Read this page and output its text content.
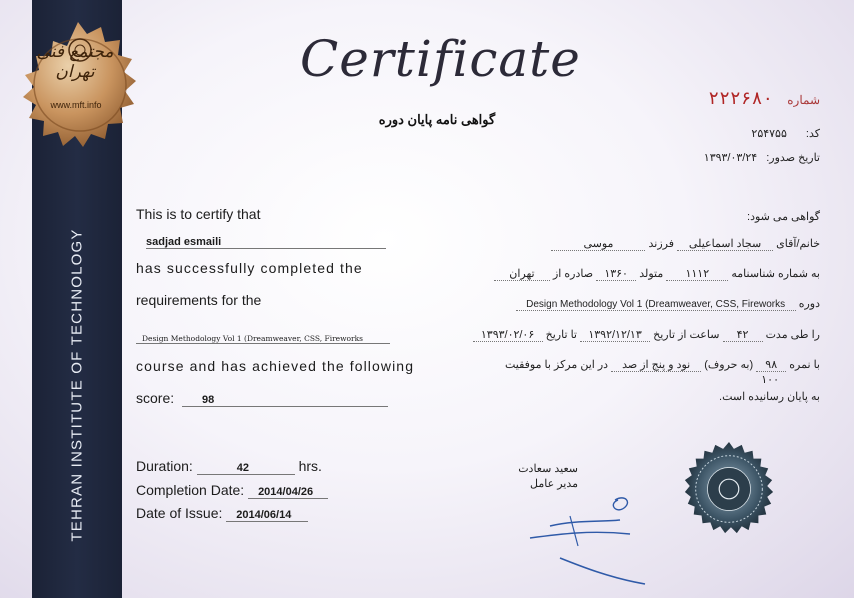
TEHRAN INSTITUTE OF TECHNOLOGY
مجتمع فنی تهران
www.mft.info
Certificate
گواهی نامه پایان دوره
شماره
۲۲۲۶۸۰
کد: ۲۵۴۷۵۵
تاریخ صدور: ۱۳۹۳/۰۳/۲۴
This is to certify that
sadjad esmaili
has successfully completed the
requirements for the
Design Methodology Vol 1 (Dreamweaver, CSS, Fireworks
course and has achieved the following
score:	98
Duration:	42	hrs.
Completion Date: 2014/04/26
Date of Issue: 2014/06/14
گواهی می شود:
خانم/آقای سجاد اسماعیلی فرزند موسی
به شماره شناسنامه ۱۱۱۲ متولد ۱۳۶۰ صادره از تهران
دوره Design Methodology Vol 1 (Dreamweaver, CSS, Fireworks
را طی مدت ۴۲ ساعت از تاریخ ۱۳۹۲/۱۲/۱۳ تا تاریخ ۱۳۹۳/۰۲/۰۶
با نمره ۹۸ (به حروف) نود و پنج از صد در این مرکز با موفقیت
۱۰۰
به پایان رسانیده است.
سعید سعادت
مدیر عامل
